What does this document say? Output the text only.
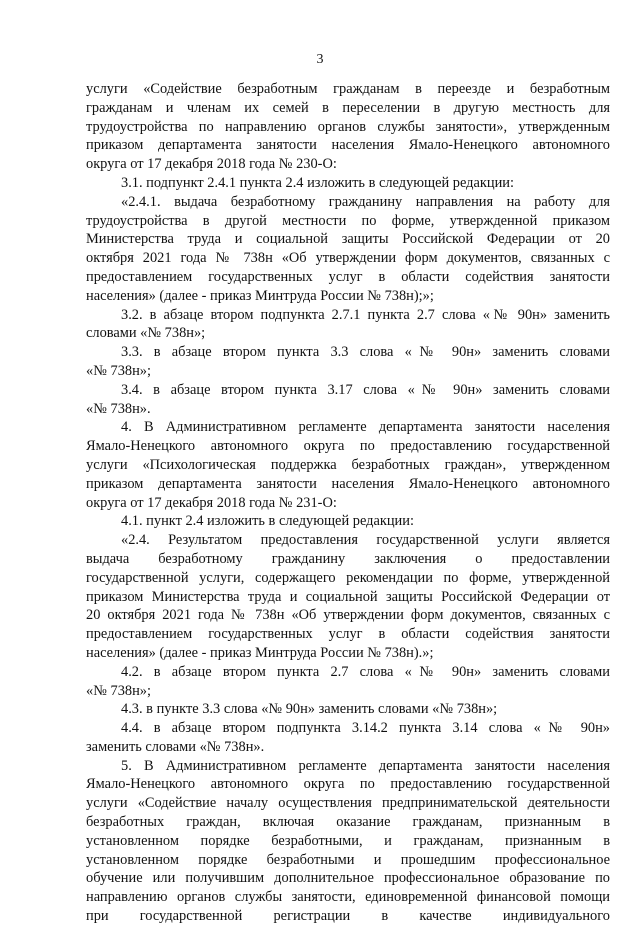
3
услуги «Содействие безработным гражданам в переезде и безработным
гражданам и членам их семей в переселении в другую местность для
трудоустройства по направлению органов службы занятости», утвержденным
приказом департамента занятости населения Ямало-Ненецкого автономного
округа от 17 декабря 2018 года № 230-О:
3.1. подпункт 2.4.1 пункта 2.4 изложить в следующей редакции:
«2.4.1. выдача безработному гражданину направления на работу для
трудоустройства в другой местности по форме, утвержденной приказом
Министерства труда и социальной защиты Российской Федерации от 20
октября 2021 года № 738н «Об утверждении форм документов, связанных с
предоставлением государственных услуг в области содействия занятости
населения» (далее - приказ Минтруда России № 738н);»;
3.2. в абзаце втором подпункта 2.7.1 пункта 2.7 слова «№ 90н» заменить
словами «№ 738н»;
3.3. в абзаце втором пункта 3.3 слова «№ 90н» заменить словами
«№ 738н»;
3.4. в абзаце втором пункта 3.17 слова «№ 90н» заменить словами
«№ 738н».
4. В Административном регламенте департамента занятости населения
Ямало-Ненецкого автономного округа по предоставлению государственной
услуги «Психологическая поддержка безработных граждан», утвержденном
приказом департамента занятости населения Ямало-Ненецкого автономного
округа от 17 декабря 2018 года № 231-О:
4.1. пункт 2.4 изложить в следующей редакции:
«2.4. Результатом предоставления государственной услуги является
выдача безработному гражданину заключения о предоставлении
государственной услуги, содержащего рекомендации по форме, утвержденной
приказом Министерства труда и социальной защиты Российской Федерации от
20 октября 2021 года № 738н «Об утверждении форм документов, связанных с
предоставлением государственных услуг в области содействия занятости
населения» (далее - приказ Минтруда России № 738н).»;
4.2. в абзаце втором пункта 2.7 слова «№ 90н» заменить словами
«№ 738н»;
4.3. в пункте 3.3 слова «№ 90н» заменить словами «№ 738н»;
4.4. в абзаце втором подпункта 3.14.2 пункта 3.14 слова «№ 90н»
заменить словами «№ 738н».
5. В Административном регламенте департамента занятости населения
Ямало-Ненецкого автономного округа по предоставлению государственной
услуги «Содействие началу осуществления предпринимательской деятельности
безработных граждан, включая оказание гражданам, признанным в
установленном порядке безработными, и гражданам, признанным в
установленном порядке безработными и прошедшим профессиональное
обучение или получившим дополнительное профессиональное образование по
направлению органов службы занятости, единовременной финансовой помощи
при государственной регистрации в качестве индивидуального
